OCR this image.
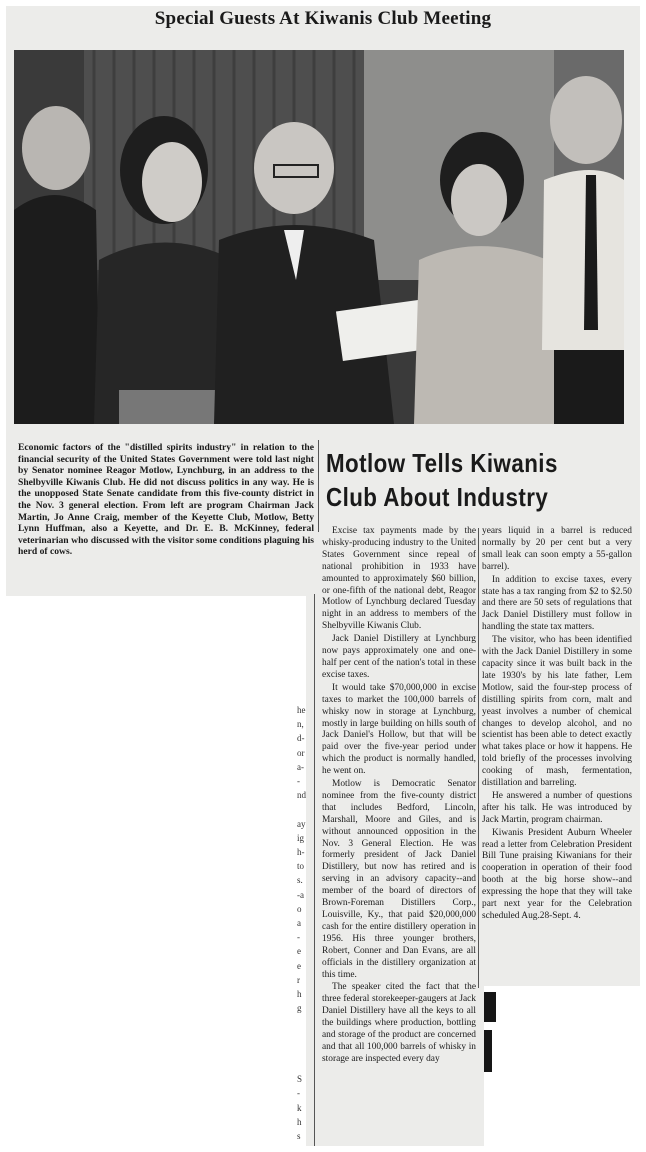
Special Guests At Kiwanis Club Meeting
Economic factors of the "distilled spirits industry" in relation to the financial security of the United States Government were told last night by Senator nominee Reagor Motlow, Lynchburg, in an address to the Shelbyville Kiwanis Club. He did not discuss politics in any way. He is the unopposed State Senate candidate from this five-county district in the Nov. 3 general election. From left are program Chairman Jack Martin, Jo Anne Craig, member of the Keyette Club, Motlow, Betty Lynn Huffman, also a Keyette, and Dr. E. B. McKinney, federal veterinarian who discussed with the visitor some conditions plaguing his herd of cows.
Motlow Tells Kiwanis Club About Industry

Excise tax payments made by the whisky-producing industry to the United States Government since repeal of national prohibition in 1933 have amounted to approximately $60 billion, or one-fifth of the national debt, Reagor Motlow of Lynchburg declared Tuesday night in an address to members of the Shelbyville Kiwanis Club.

Jack Daniel Distillery at Lynchburg now pays approximately one and one-half per cent of the nation's total in these excise taxes.

It would take $70,000,000 in excise taxes to market the 100,000 barrels of whisky now in storage at Lynchburg, mostly in large building on hills south of Jack Daniel's Hollow, but that will be paid over the five-year period under which the product is normally handled, he went on.

Motlow is Democratic Senator nominee from the five-county district that includes Bedford, Lincoln, Marshall, Moore and Giles, and is without announced opposition in the Nov. 3 General Election. He was formerly president of Jack Daniel Distillery, but now has retired and is serving in an advisory capacity--and member of the board of directors of Brown-Foreman Distillers Corp., Louisville, Ky., that paid $20,000,000 cash for the entire distillery operation in 1956. His three younger brothers, Robert, Conner and Dan Evans, are all officials in the distillery organization at this time.

The speaker cited the fact that the three federal storekeeper-gaugers at Jack Daniel Distillery have all the keys to all the buildings where production, bottling and storage of the product are concerned and that all 100,000 barrels of whisky in storage are inspected every day

years liquid in a barrel is reduced normally by 20 per cent but a very small leak can soon empty a 55-gallon barrel).

In addition to excise taxes, every state has a tax ranging from $2 to $2.50 and there are 50 sets of regulations that Jack Daniel Distillery must follow in handling the state tax matters.

The visitor, who has been identified with the Jack Daniel Distillery in some capacity since it was built back in the late 1930's by his late father, Lem Motlow, said the four-step process of distilling spirits from corn, malt and yeast involves a number of chemical changes to develop alcohol, and no scientist has been able to detect exactly what takes place or how it happens. He told briefly of the processes involving cooking of mash, fermentation, distillation and barreling.

He answered a number of questions after his talk. He was introduced by Jack Martin, program chairman.

Kiwanis President Auburn Wheeler read a letter from Celebration President Bill Tune praising Kiwanians for their cooperation in operation of their food booth at the big horse show--and expressing the hope that they will take part next year for the Celebration scheduled Aug.28-Sept. 4.

he
n,
d-
or
a-
-
nd
ay
ig
h-
to
s.
-a
o
a
-
e
e
r
h
g
S
-
k
h
s
